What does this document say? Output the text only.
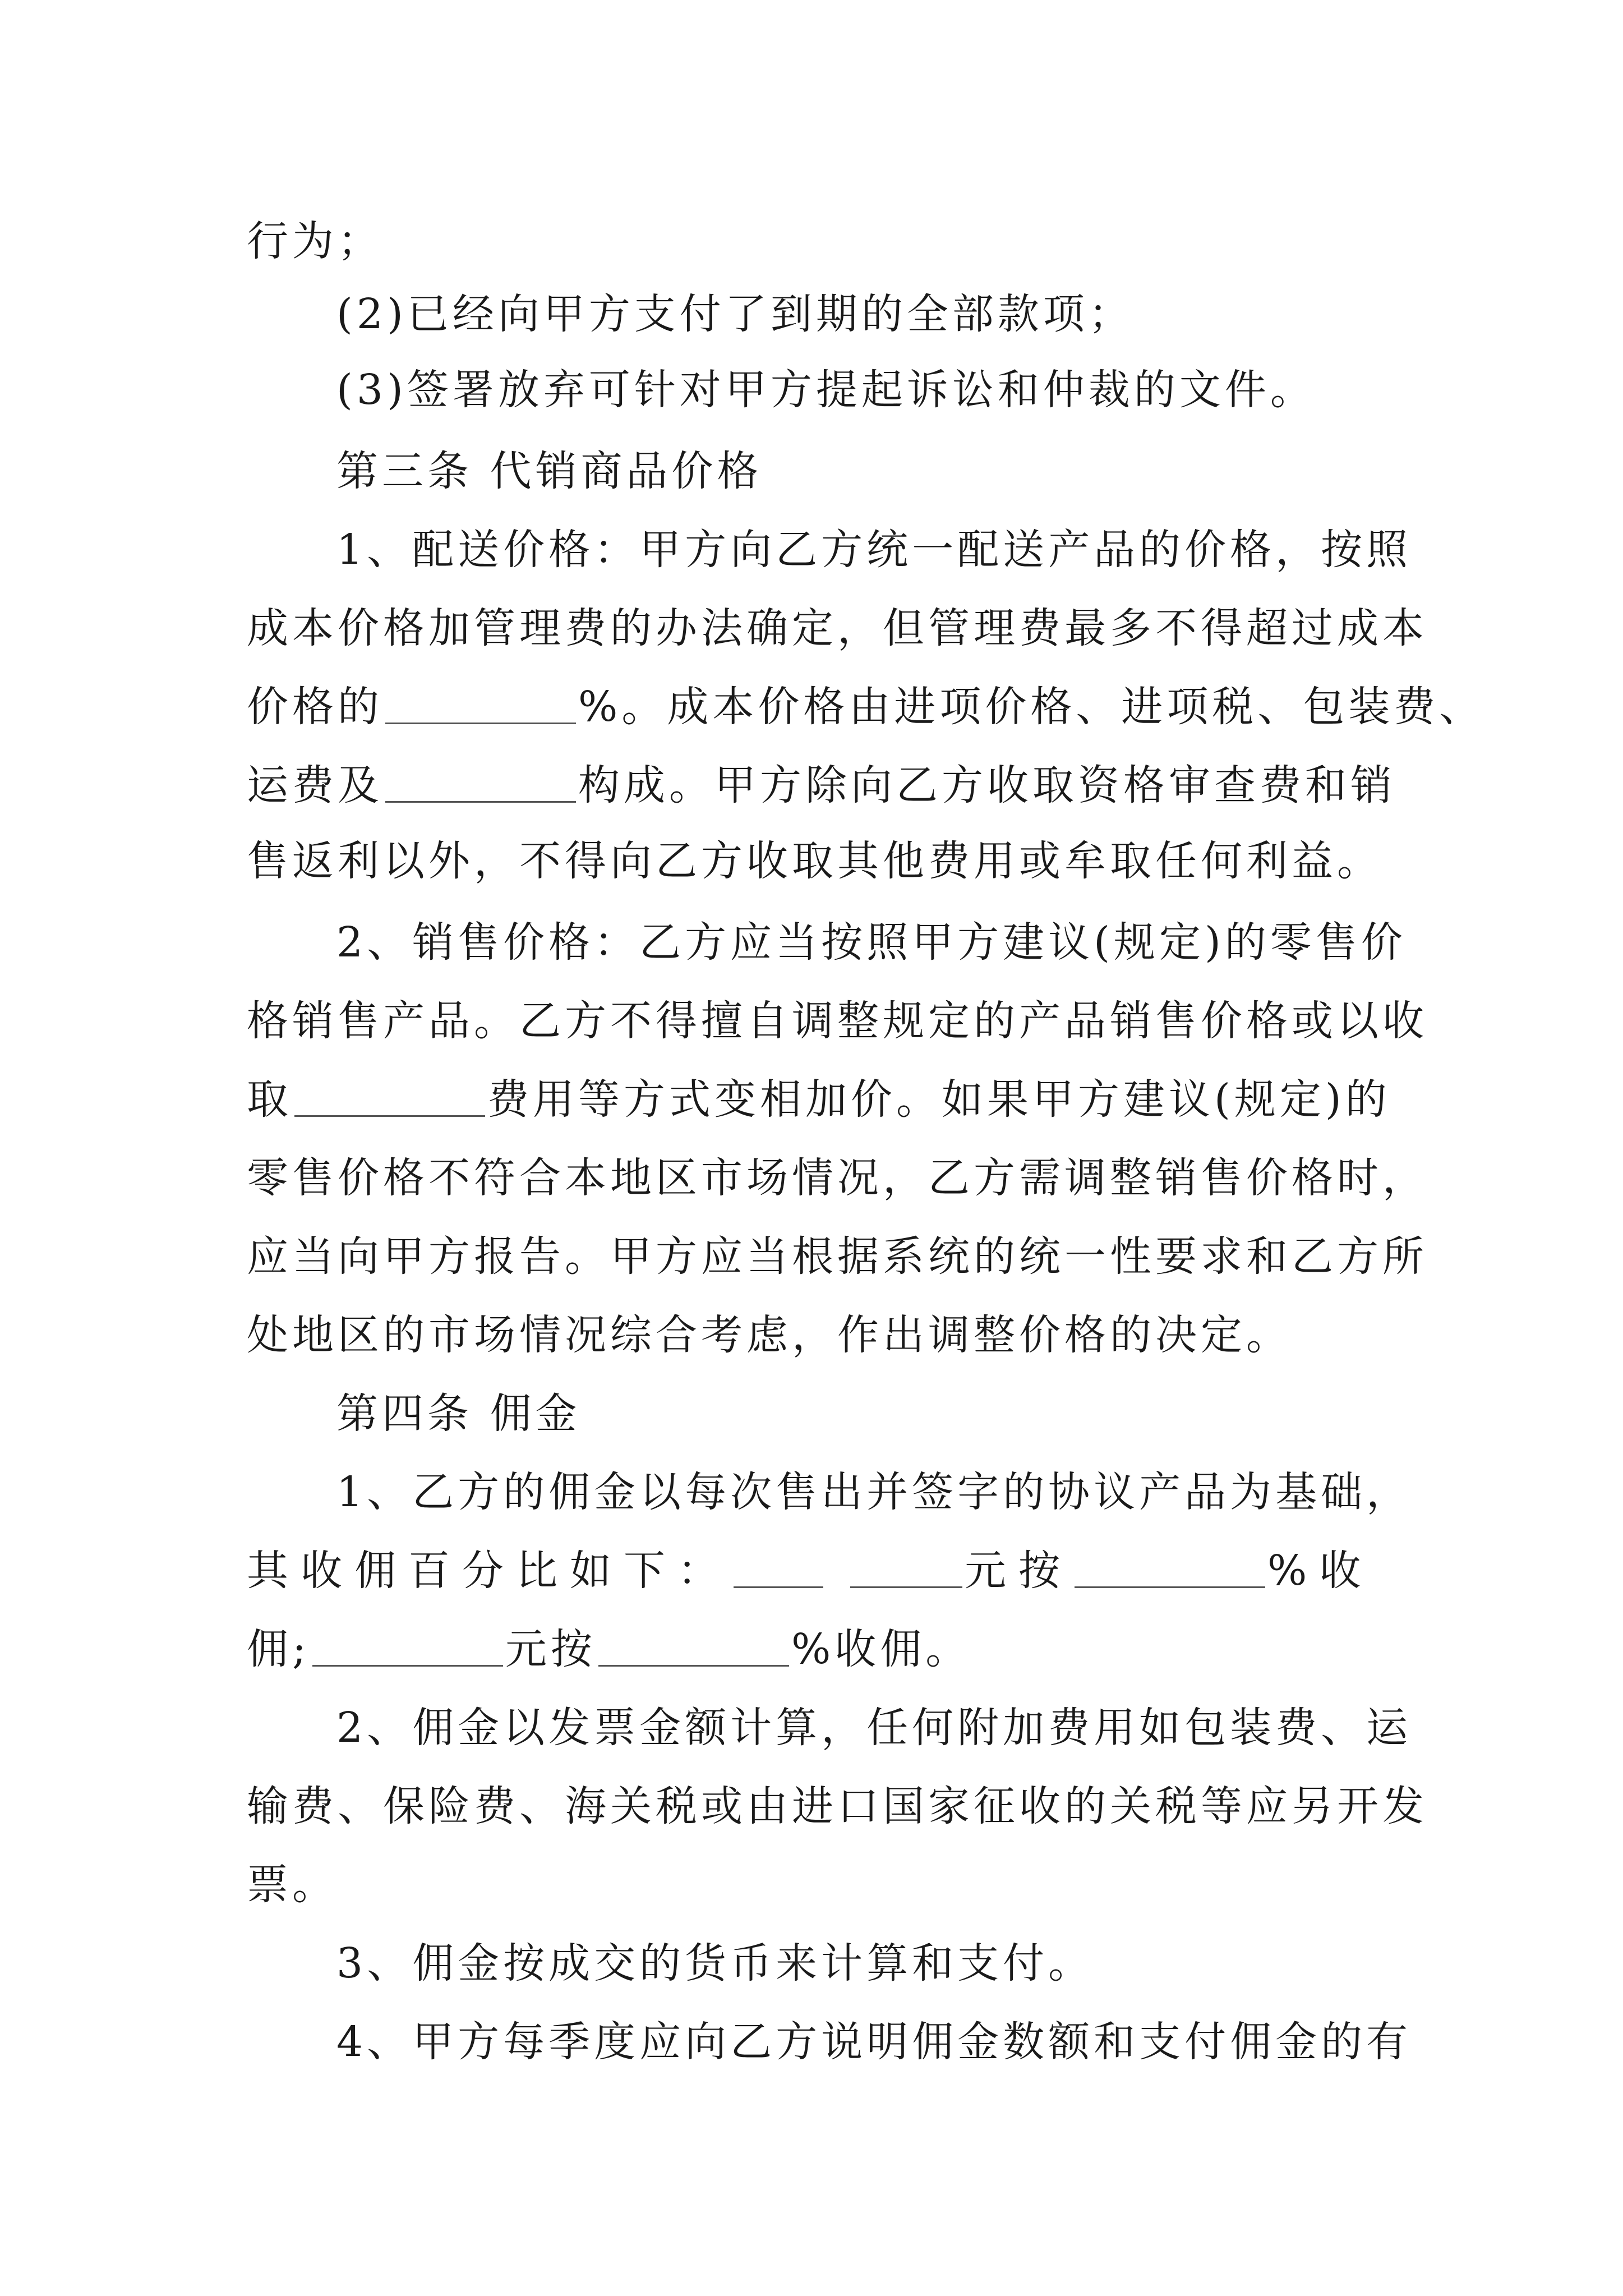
行为；
(2)已经向甲方支付了到期的全部款项；
(3)签署放弃可针对甲方提起诉讼和仲裁的文件。
第三条 代销商品价格
1、配送价格：甲方向乙方统一配送产品的价格，按照
成本价格加管理费的办法确定，但管理费最多不得超过成本
价格的	%。成本价格由进项价格、进项税、包装费、
运费及	构成。甲方除向乙方收取资格审查费和销
售返利以外，不得向乙方收取其他费用或牟取任何利益。
2、销售价格：乙方应当按照甲方建议(规定)的零售价
格销售产品。乙方不得擅自调整规定的产品销售价格或以收
取	费用等方式变相加价。如果甲方建议(规定)的
零售价格不符合本地区市场情况，乙方需调整销售价格时，
应当向甲方报告。甲方应当根据系统的统一性要求和乙方所
处地区的市场情况综合考虑，作出调整价格的决定。
第四条 佣金
1、乙方的佣金以每次售出并签字的协议产品为基础，
其收佣百分比如下：	元按	%收
佣;	元按	%收佣。
2、佣金以发票金额计算，任何附加费用如包装费、运
输费、保险费、海关税或由进口国家征收的关税等应另开发
票。
3、佣金按成交的货币来计算和支付。
4、甲方每季度应向乙方说明佣金数额和支付佣金的有
